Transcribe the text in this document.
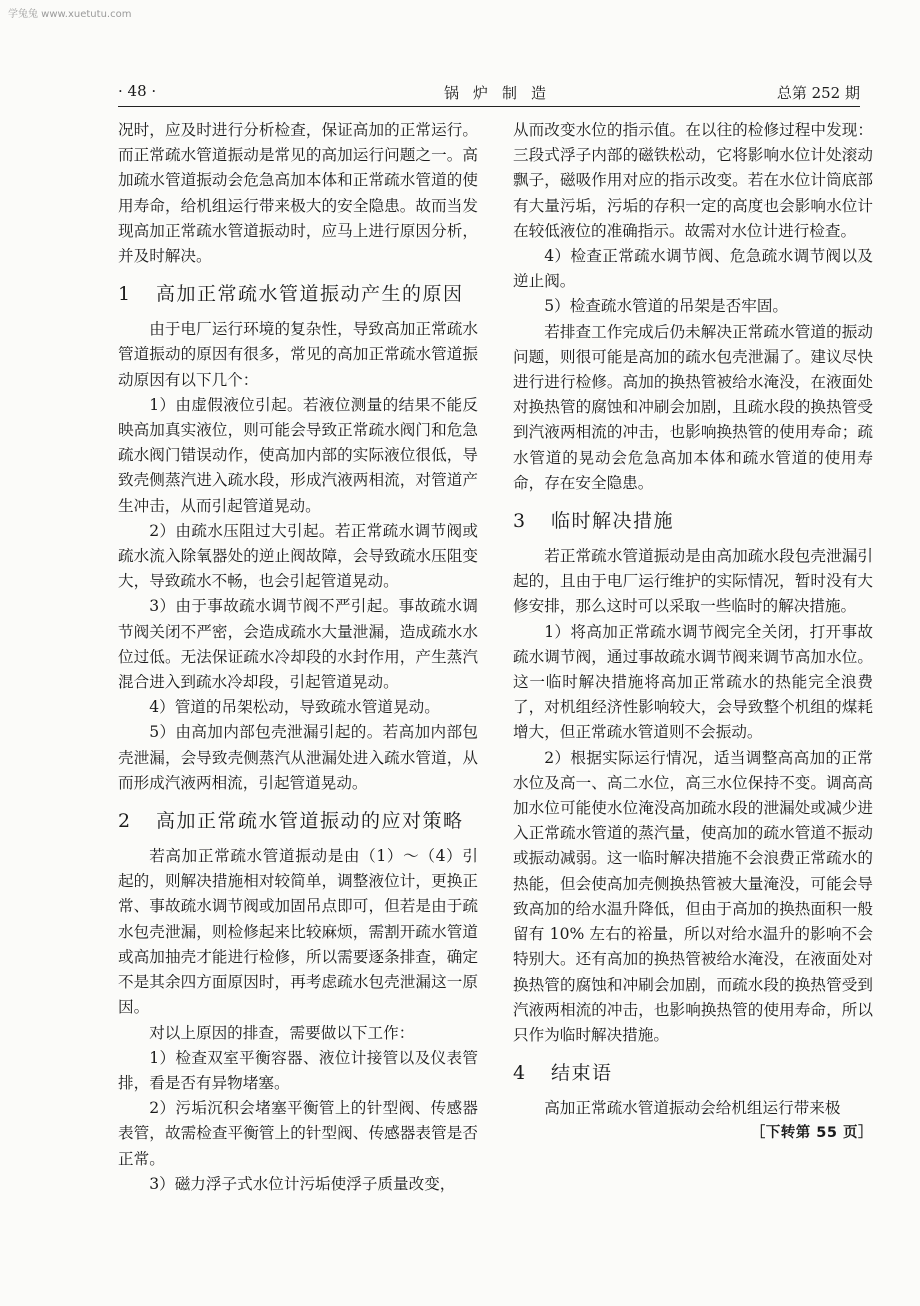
学兔兔 www.xuetutu.com
· 48 ·	锅炉制造	总第 252 期

况时，应及时进行分析检查，保证高加的正常运行。而正常疏水管道振动是常见的高加运行问题之一。高加疏水管道振动会危急高加本体和正常疏水管道的使用寿命，给机组运行带来极大的安全隐患。故而当发现高加正常疏水管道振动时，应马上进行原因分析，并及时解决。

1 高加正常疏水管道振动产生的原因

由于电厂运行环境的复杂性，导致高加正常疏水管道振动的原因有很多，常见的高加正常疏水管道振动原因有以下几个：

1）由虚假液位引起。若液位测量的结果不能反映高加真实液位，则可能会导致正常疏水阀门和危急疏水阀门错误动作，使高加内部的实际液位很低，导致壳侧蒸汽进入疏水段，形成汽液两相流，对管道产生冲击，从而引起管道晃动。

2）由疏水压阻过大引起。若正常疏水调节阀或疏水流入除氧器处的逆止阀故障，会导致疏水压阻变大，导致疏水不畅，也会引起管道晃动。

3）由于事故疏水调节阀不严引起。事故疏水调节阀关闭不严密，会造成疏水大量泄漏，造成疏水水位过低。无法保证疏水冷却段的水封作用，产生蒸汽混合进入到疏水冷却段，引起管道晃动。

4）管道的吊架松动，导致疏水管道晃动。

5）由高加内部包壳泄漏引起的。若高加内部包壳泄漏，会导致壳侧蒸汽从泄漏处进入疏水管道，从而形成汽液两相流，引起管道晃动。

2 高加正常疏水管道振动的应对策略

若高加正常疏水管道振动是由（1）～（4）引起的，则解决措施相对较简单，调整液位计，更换正常、事故疏水调节阀或加固吊点即可，但若是由于疏水包壳泄漏，则检修起来比较麻烦，需割开疏水管道或高加抽壳才能进行检修，所以需要逐条排查，确定不是其余四方面原因时，再考虑疏水包壳泄漏这一原因。

对以上原因的排查，需要做以下工作：

1）检查双室平衡容器、液位计接管以及仪表管排，看是否有异物堵塞。

2）污垢沉积会堵塞平衡管上的针型阀、传感器表管，故需检查平衡管上的针型阀、传感器表管是否正常。

3）磁力浮子式水位计污垢使浮子质量改变，

从而改变水位的指示值。在以往的检修过程中发现：三段式浮子内部的磁铁松动，它将影响水位计处滚动飘子，磁吸作用对应的指示改变。若在水位计筒底部有大量污垢，污垢的存积一定的高度也会影响水位计在较低液位的准确指示。故需对水位计进行检查。

4）检查正常疏水调节阀、危急疏水调节阀以及逆止阀。

5）检查疏水管道的吊架是否牢固。

若排查工作完成后仍未解决正常疏水管道的振动问题，则很可能是高加的疏水包壳泄漏了。建议尽快进行进行检修。高加的换热管被给水淹没，在液面处对换热管的腐蚀和冲刷会加剧，且疏水段的换热管受到汽液两相流的冲击，也影响换热管的使用寿命；疏水管道的晃动会危急高加本体和疏水管道的使用寿命，存在安全隐患。

3 临时解决措施

若正常疏水管道振动是由高加疏水段包壳泄漏引起的，且由于电厂运行维护的实际情况，暂时没有大修安排，那么这时可以采取一些临时的解决措施。

1）将高加正常疏水调节阀完全关闭，打开事故疏水调节阀，通过事故疏水调节阀来调节高加水位。这一临时解决措施将高加正常疏水的热能完全浪费了，对机组经济性影响较大，会导致整个机组的煤耗增大，但正常疏水管道则不会振动。

2）根据实际运行情况，适当调整高高加的正常水位及高一、高二水位，高三水位保持不变。调高高加水位可能使水位淹没高加疏水段的泄漏处或减少进入正常疏水管道的蒸汽量，使高加的疏水管道不振动或振动减弱。这一临时解决措施不会浪费正常疏水的热能，但会使高加壳侧换热管被大量淹没，可能会导致高加的给水温升降低，但由于高加的换热面积一般留有 10% 左右的裕量，所以对给水温升的影响不会特别大。还有高加的换热管被给水淹没，在液面处对换热管的腐蚀和冲刷会加剧，而疏水段的换热管受到汽液两相流的冲击，也影响换热管的使用寿命，所以只作为临时解决措施。

4 结束语

高加正常疏水管道振动会给机组运行带来极

［下转第 55 页］
